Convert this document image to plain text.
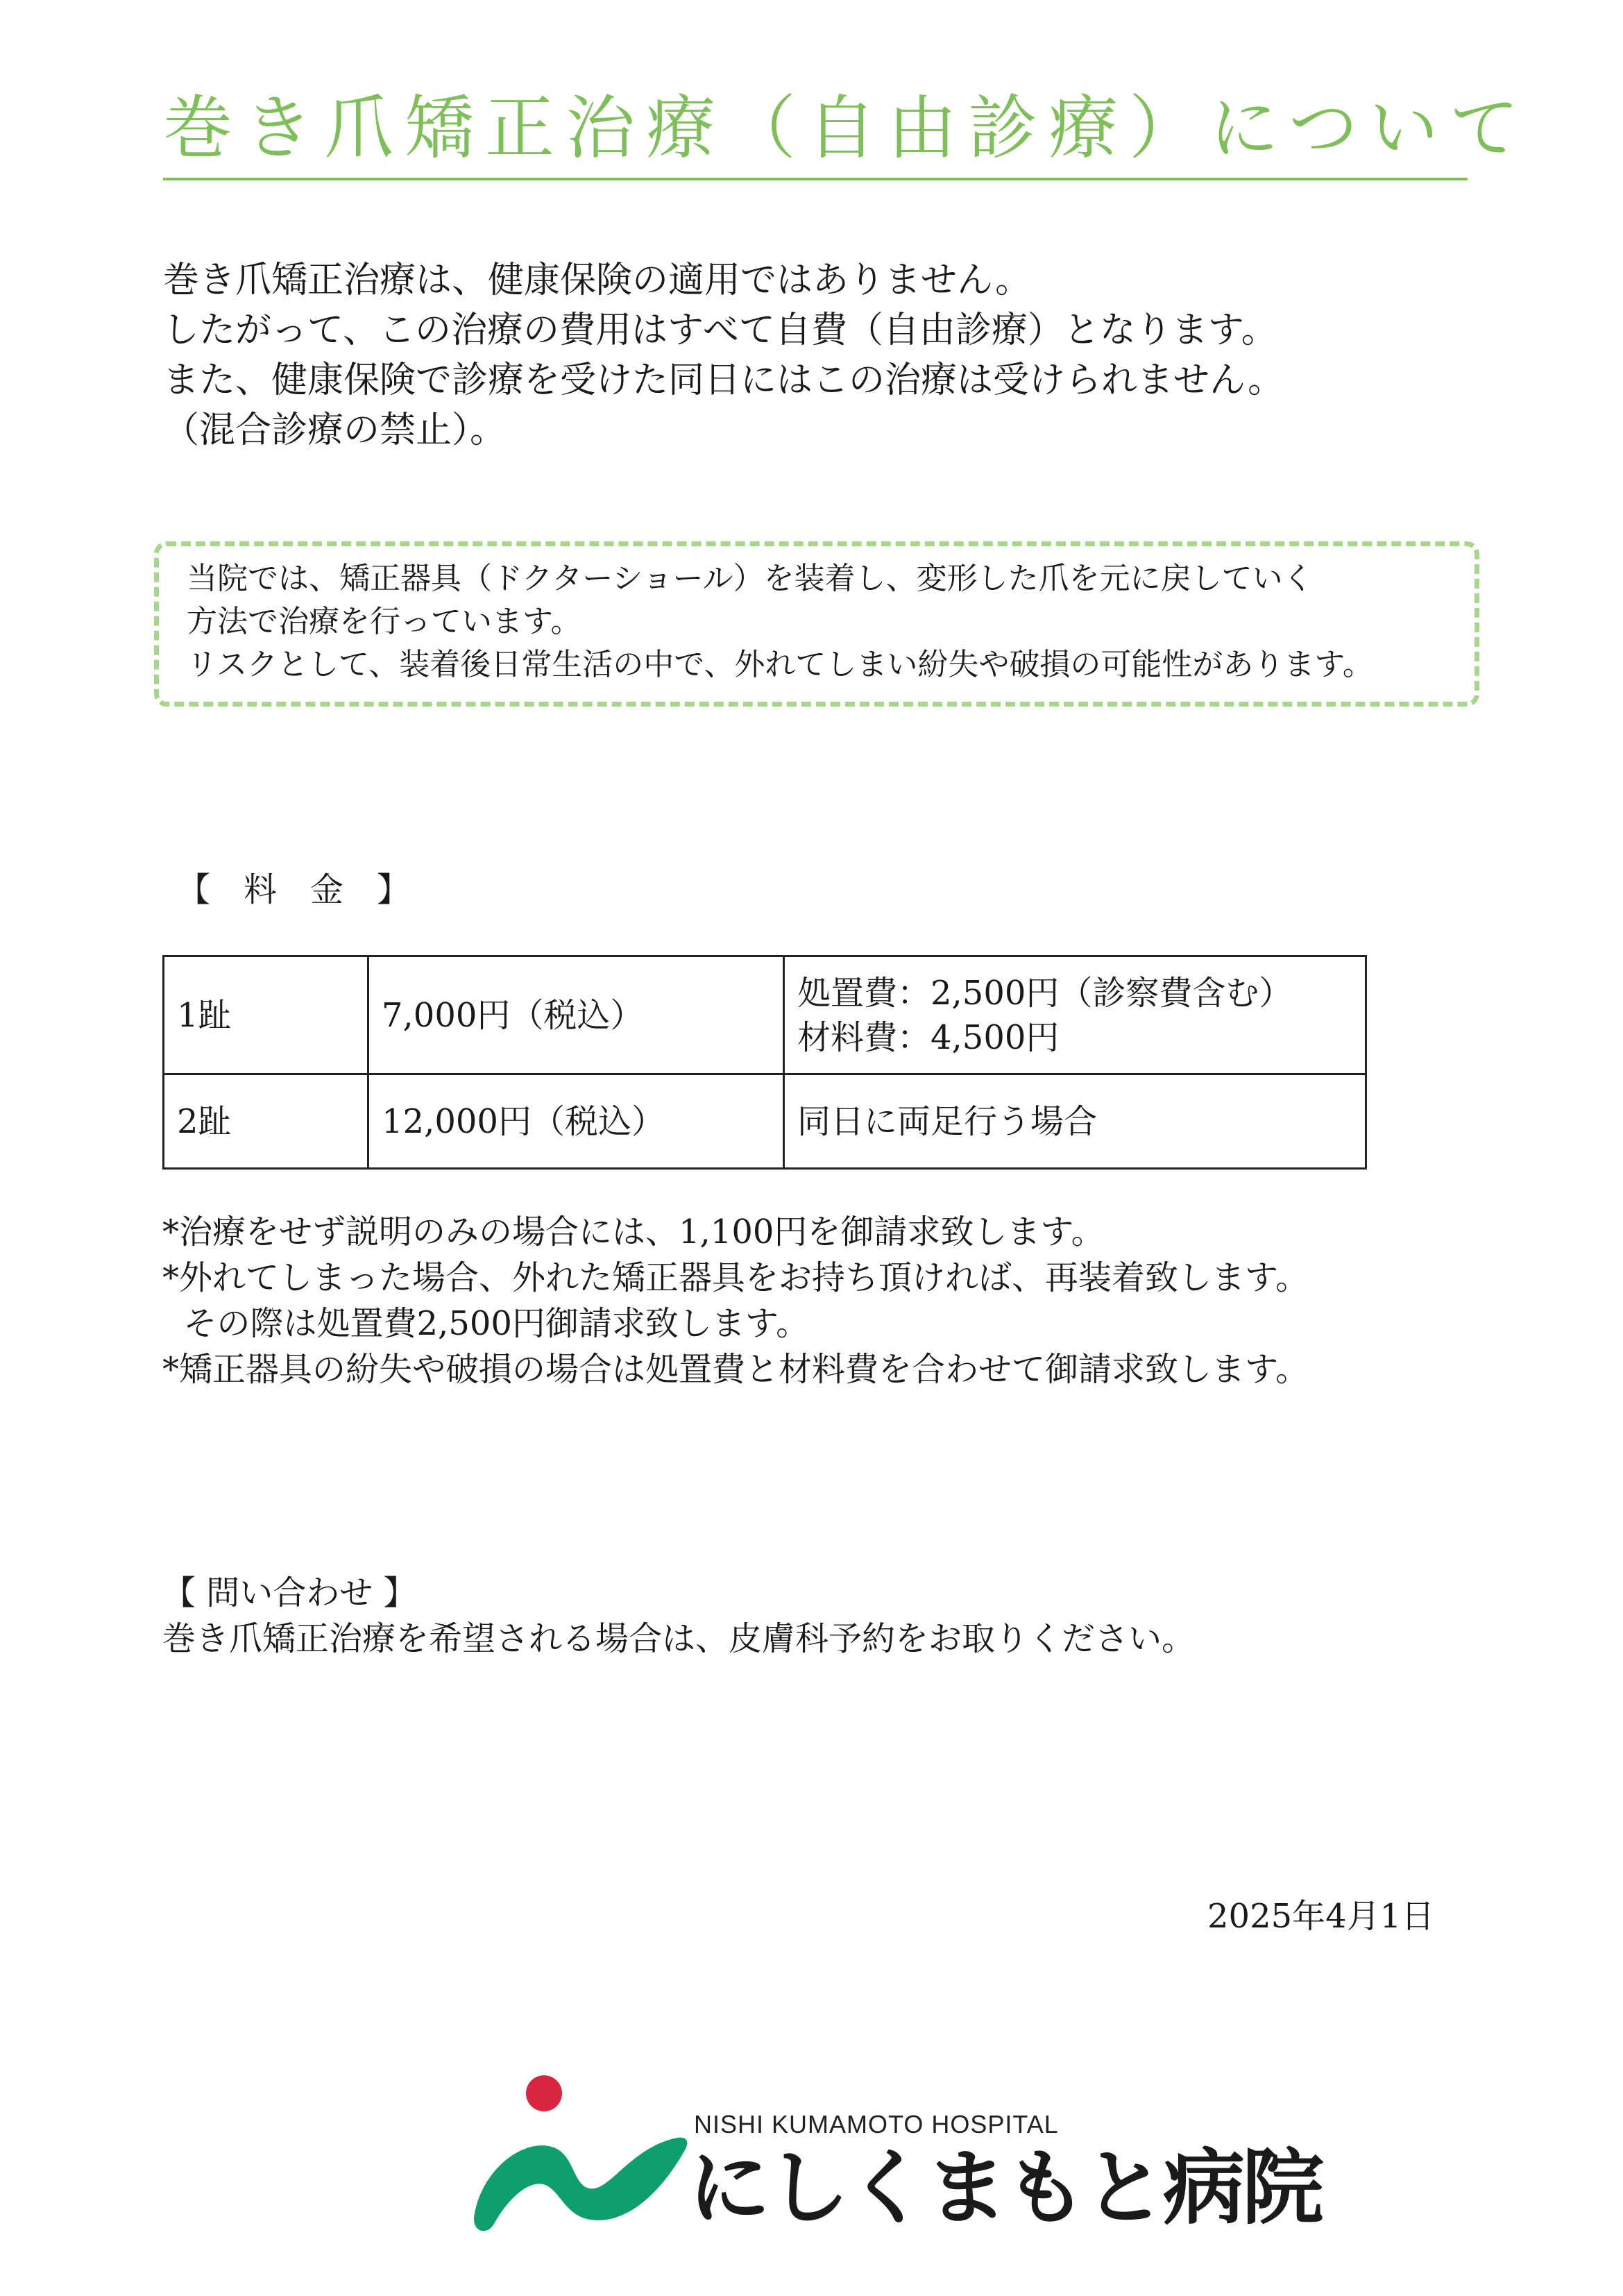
巻き爪矯正治療（自由診療）について
巻き爪矯正治療は、健康保険の適用ではありません。
したがって、この治療の費用はすべて自費（自由診療）となります。
また、健康保険で診療を受けた同日にはこの治療は受けられません。
（混合診療の禁止）。
当院では、矯正器具（ドクターショール）を装着し、変形した爪を元に戻していく
方法で治療を行っています。
リスクとして、装着後日常生活の中で、外れてしまい紛失や破損の可能性があります。
【　料　金　】
1趾	7,000円（税込）	処置費：2,500円（診察費含む）
材料費：4,500円

2趾	12,000円（税込）	同日に両足行う場合
*治療をせず説明のみの場合には、1,100円を御請求致します。
*外れてしまった場合、外れた矯正器具をお持ち頂ければ、再装着致します。
その際は処置費2,500円御請求致します。
*矯正器具の紛失や破損の場合は処置費と材料費を合わせて御請求致します。
【 問い合わせ 】
巻き爪矯正治療を希望される場合は、皮膚科予約をお取りください。
2025年4月1日
NISHI KUMAMOTO HOSPITAL
にしくまもと病院
